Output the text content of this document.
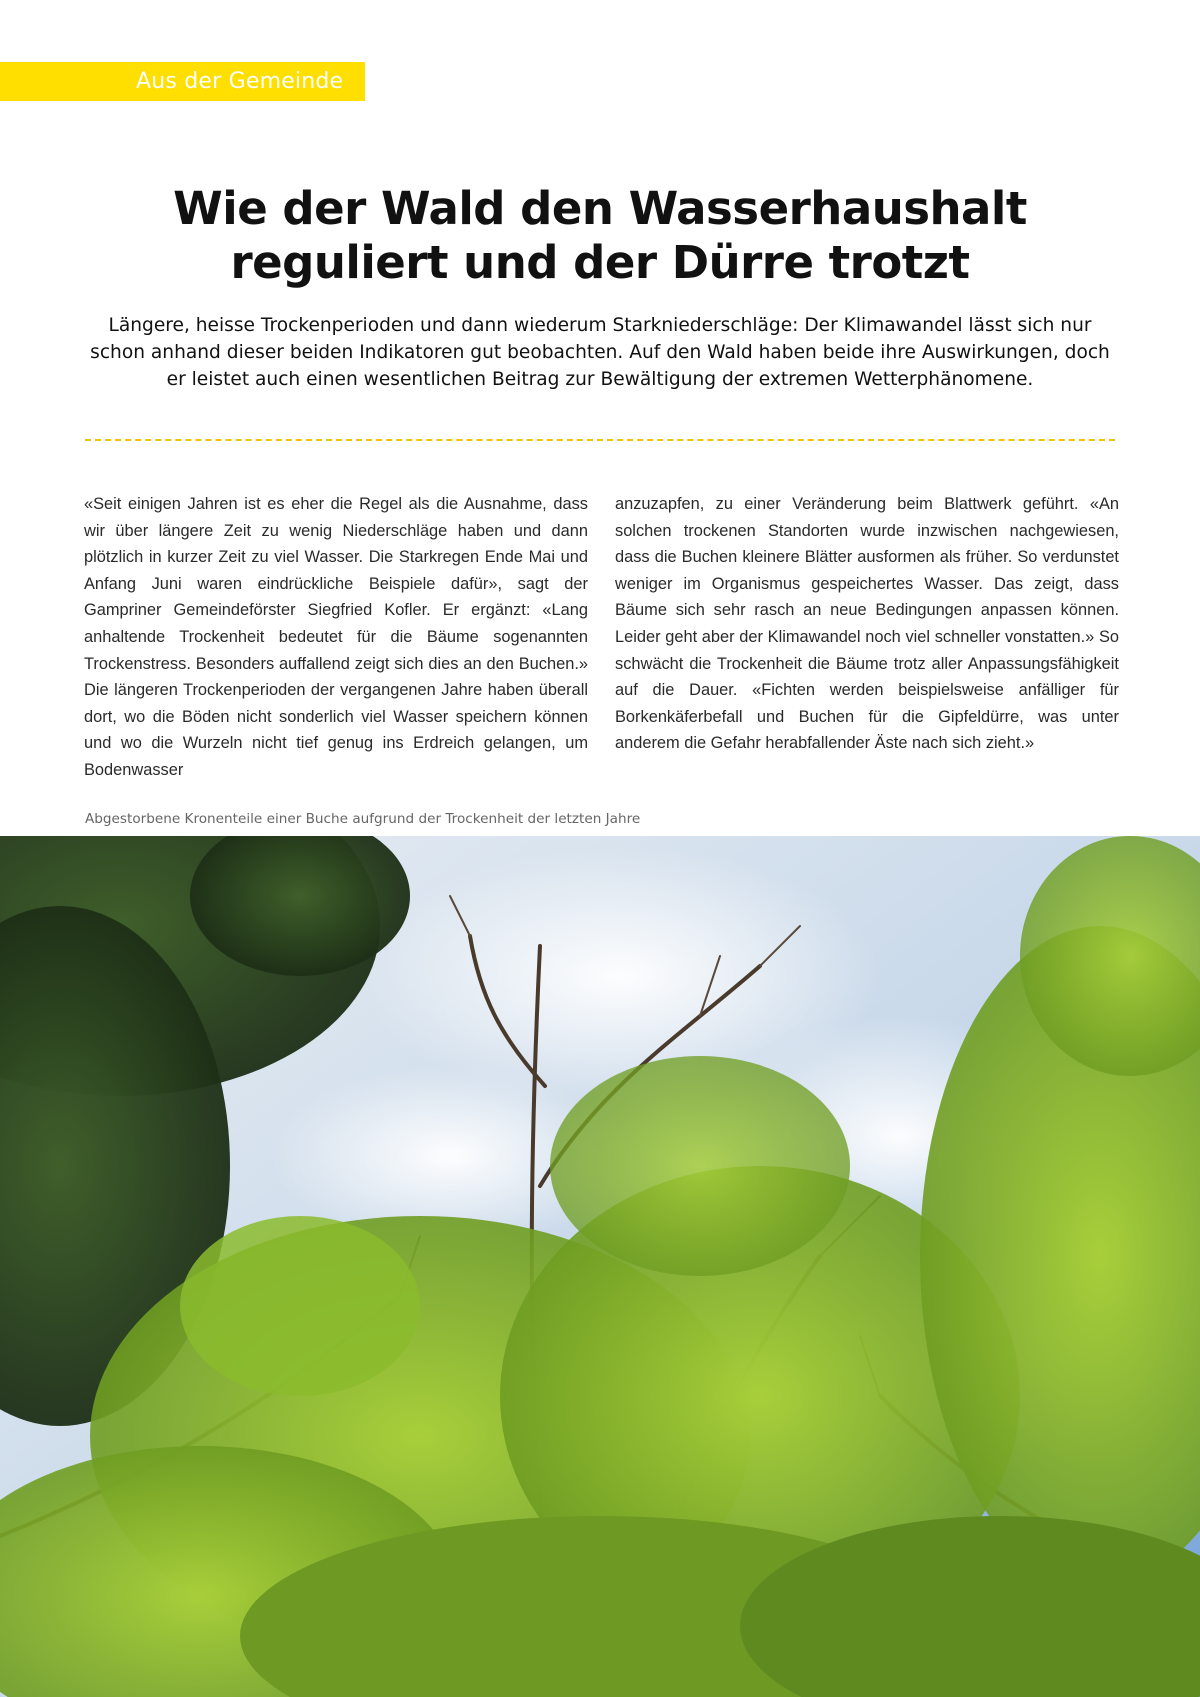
Aus der Gemeinde
Wie der Wald den Wasserhaushalt
reguliert und der Dürre trotzt

Längere, heisse Trockenperioden und dann wiederum Starkniederschläge: Der Klimawandel lässt sich nur schon anhand dieser beiden Indikatoren gut beobachten. Auf den Wald haben beide ihre Auswirkungen, doch er leistet auch einen wesentlichen Beitrag zur Bewältigung der extremen Wetterphänomene.

«Seit einigen Jahren ist es eher die Regel als die Ausnahme, dass wir über längere Zeit zu wenig Niederschläge haben und dann plötzlich in kurzer Zeit zu viel Wasser. Die Starkregen Ende Mai und Anfang Juni waren eindrückliche Beispiele dafür», sagt der Gampriner Gemeindeförster Siegfried Kofler. Er ergänzt: «Lang anhaltende Trockenheit bedeutet für die Bäume sogenannten Trockenstress. Besonders auffallend zeigt sich dies an den Buchen.» Die längeren Trockenperioden der vergangenen Jahre haben überall dort, wo die Böden nicht sonderlich viel Wasser speichern können und wo die Wurzeln nicht tief genug ins Erdreich gelangen, um Bodenwasser

anzuzapfen, zu einer Veränderung beim Blattwerk geführt. «An solchen trockenen Standorten wurde inzwischen nachgewiesen, dass die Buchen kleinere Blätter ausformen als früher. So verdunstet weniger im Organismus gespeichertes Wasser. Das zeigt, dass Bäume sich sehr rasch an neue Bedingungen anpassen können. Leider geht aber der Klimawandel noch viel schneller vonstatten.» So schwächt die Trockenheit die Bäume trotz aller Anpassungsfähigkeit auf die Dauer. «Fichten werden beispielsweise anfälliger für Borkenkäferbefall und Buchen für die Gipfeldürre, was unter anderem die Gefahr herabfallender Äste nach sich zieht.»

Abgestorbene Kronenteile einer Buche aufgrund der Trockenheit der letzten Jahre
